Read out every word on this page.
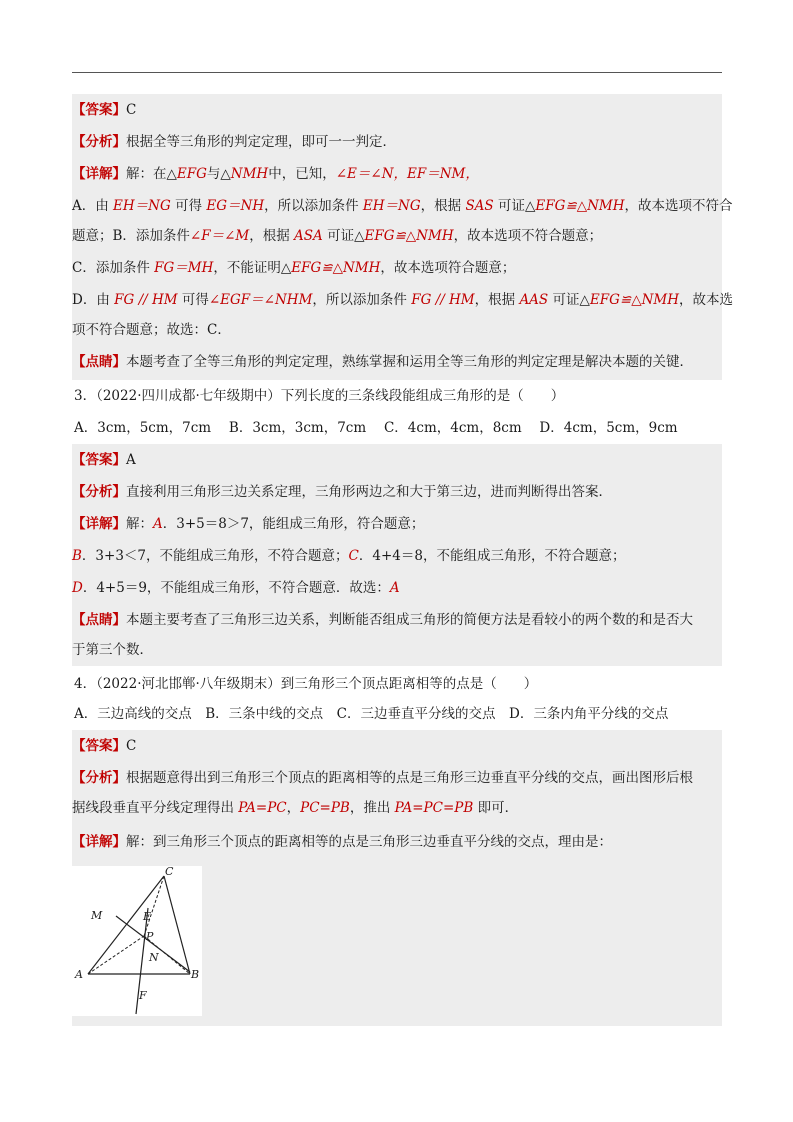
【答案】C
【分析】根据全等三角形的判定定理，即可一一判定．
【详解】解：在△EFG与△NMH中，已知，∠E＝∠N，EF＝NM，
A．由 EH＝NG 可得 EG＝NH，所以添加条件 EH＝NG，根据 SAS 可证△EFG≌△NMH，故本选项不符合
题意；B．添加条件∠F＝∠M，根据 ASA 可证△EFG≌△NMH，故本选项不符合题意；
C．添加条件 FG＝MH，不能证明△EFG≌△NMH，故本选项符合题意；
D．由 FG // HM 可得∠EGF＝∠NHM，所以添加条件 FG // HM，根据 AAS 可证△EFG≌△NMH，故本选
项不符合题意；故选：C．
【点睛】本题考查了全等三角形的判定定理，熟练掌握和运用全等三角形的判定定理是解决本题的关键．
3．（2022·四川成都·七年级期中）下列长度的三条线段能组成三角形的是（　　）
A．3cm，5cm，7cm　 B．3cm，3cm，7cm　 C．4cm，4cm，8cm　 D．4cm，5cm，9cm
【答案】A
【分析】直接利用三角形三边关系定理，三角形两边之和大于第三边，进而判断得出答案．
【详解】解：A．3+5＝8＞7，能组成三角形，符合题意；
B．3+3＜7，不能组成三角形，不符合题意；C．4+4＝8，不能组成三角形，不符合题意；
D．4+5＝9，不能组成三角形，不符合题意．故选：A
【点睛】本题主要考查了三角形三边关系，判断能否组成三角形的简便方法是看较小的两个数的和是否大
于第三个数．
4．（2022·河北邯郸·八年级期末）到三角形三个顶点距离相等的点是（　　）
A．三边高线的交点　B．三条中线的交点　C．三边垂直平分线的交点　D．三条内角平分线的交点
【答案】C
【分析】根据题意得出到三角形三个顶点的距离相等的点是三角形三边垂直平分线的交点，画出图形后根
据线段垂直平分线定理得出 PA=PC，PC=PB，推出 PA=PC=PB 即可．
【详解】解：到三角形三个顶点的距离相等的点是三角形三边垂直平分线的交点，理由是：
C
M	E
P
N
A	B
F
